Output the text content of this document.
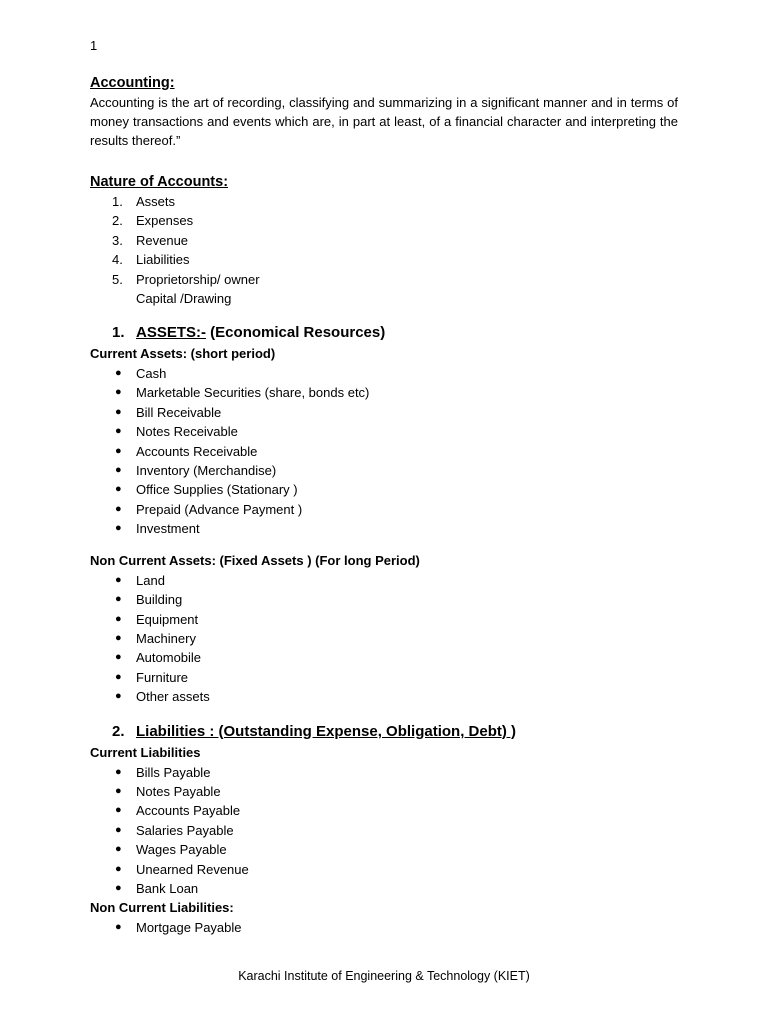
1
Accounting:

Accounting is the art of recording, classifying and summarizing in a significant manner and in terms of money transactions and events which are, in part at least, of a financial character and interpreting the results thereof.”

Nature of Accounts:
1. Assets
2. Expenses
3. Revenue
4. Liabilities
5. Proprietorship/ owner
Capital /Drawing
1. ASSETS:- (Economical Resources)
Current Assets: (short period)
● Cash
● Marketable Securities (share, bonds etc)
● Bill Receivable
● Notes Receivable
● Accounts Receivable
● Inventory (Merchandise)
● Office Supplies (Stationary )
● Prepaid (Advance Payment )
● Investment
Non Current Assets: (Fixed Assets ) (For long Period)
● Land
● Building
● Equipment
● Machinery
● Automobile
● Furniture
● Other assets
2. Liabilities : (Outstanding Expense, Obligation, Debt) )
Current Liabilities
● Bills Payable
● Notes Payable
● Accounts Payable
● Salaries Payable
● Wages Payable
● Unearned Revenue
● Bank Loan
Non Current Liabilities:
● Mortgage Payable
Karachi Institute of Engineering & Technology (KIET)
